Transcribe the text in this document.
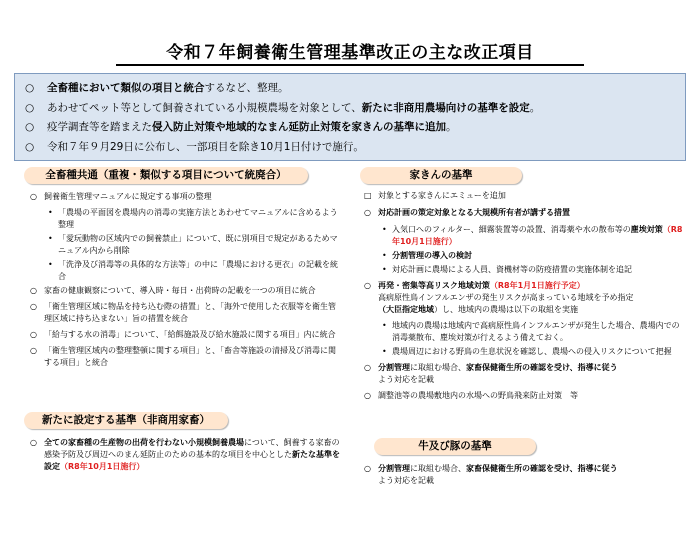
令和７年飼養衛生管理基準改正の主な改正項目
○	全畜種において類似の項目と統合するなど、整理。
○	あわせてペット等として飼養されている小規模農場を対象として、新たに非商用農場向けの基準を設定。
○	疫学調査等を踏まえた侵入防止対策や地域的なまん延防止対策を家きんの基準に追加。
○	令和７年９月29日に公布し、一部項目を除き10月1日付けで施行。
全畜種共通（重複・類似する項目について統廃合）
○ 飼養衛生管理マニュアルに規定する事項の整理
• 「農場の平面図を農場内の消毒の実施方法とあわせてマニュアルに含めるよう整理
• 「愛玩動物の区域内での飼養禁止」について、既に別項目で規定があるためマニュアル内から削除
• 「洗浄及び消毒等の具体的な方法等」の中に「農場における更衣」の記載を統合
○ 家畜の健康観察について、導入時・毎日・出荷時の記載を一つの項目に統合
○ 「衛生管理区域に物品を持ち込む際の措置」と、「海外で使用した衣服等を衛生管理区域に持ち込まない」旨の措置を統合
○ 「給与する水の消毒」について、「給餌施設及び給水施設に関する項目」内に統合
○ 「衛生管理区域内の整理整頓に関する項目」と、「畜舎等施設の清掃及び消毒に関する項目」と統合
新たに設定する基準（非商用家畜）
○ 全ての家畜種の生産物の出荷を行わない小規模飼養農場について、飼養する家畜の感染予防及び周辺へのまん延防止のための基本的な項目を中心とした新たな基準を設定（R8年10月1日施行）
家きんの基準
□ 対象とする家きんにエミューを追加
○ 対応計画の策定対象となる大規模所有者が講ずる措置
• 入気口へのフィルター、細霧装置等の設置、消毒薬や水の散布等の塵埃対策（R8年10月1日施行）
• 分割管理の導入の検討
• 対応計画に農場による人員、資機材等の防疫措置の実施体制を追記
○ 再発・密集等高リスク地域対策（R8年1月1日施行予定）
高病原性鳥インフルエンザの発生リスクが高まっている地域を予め指定
（大臣指定地域）し、地域内の農場は以下の取組を実施
• 地域内の農場は地域内で高病原性鳥インフルエンザが発生した場合、農場内での消毒薬散布、塵埃対策が行えるよう備えておく。
• 農場周辺における野鳥の生息状況を確認し、農場への侵入リスクについて把握
○ 分割管理に取組む場合、家畜保健衛生所の確認を受け、指導に従う
よう対応を記載
○ 調整池等の農場敷地内の水場への野鳥飛来防止対策　等
牛及び豚の基準
○ 分割管理に取組む場合、家畜保健衛生所の確認を受け、指導に従う
よう対応を記載
